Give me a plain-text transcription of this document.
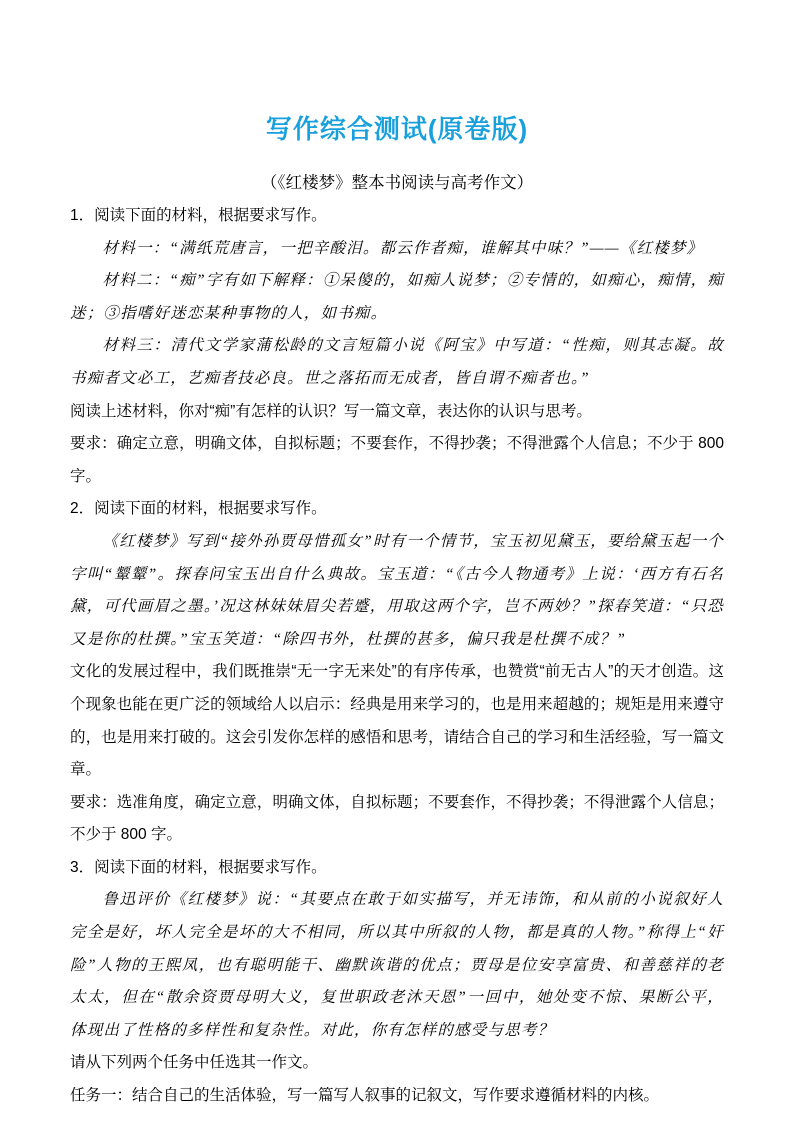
写作综合测试(原卷版)
（《红楼梦》整本书阅读与高考作文）

1．阅读下面的材料，根据要求写作。

材料一：“满纸荒唐言，一把辛酸泪。都云作者痴，谁解其中味？”——《红楼梦》

材料二：“痴”字有如下解释：①呆傻的，如痴人说梦；②专情的，如痴心，痴情，痴迷；③指嗜好迷恋某种事物的人，如书痴。

材料三：清代文学家蒲松龄的文言短篇小说《阿宝》中写道：“性痴，则其志凝。故书痴者文必工，艺痴者技必良。世之落拓而无成者，皆自谓不痴者也。”

阅读上述材料，你对“痴”有怎样的认识？写一篇文章，表达你的认识与思考。

要求：确定立意，明确文体，自拟标题；不要套作，不得抄袭；不得泄露个人信息；不少于 800 字。

2．阅读下面的材料，根据要求写作。

《红楼梦》写到“接外孙贾母惜孤女”时有一个情节，宝玉初见黛玉，要给黛玉起一个字叫“颦颦”。探春问宝玉出自什么典故。宝玉道：“《古今人物通考》上说：‘西方有石名黛，可代画眉之墨。’况这林妹妹眉尖若蹙，用取这两个字，岂不两妙？”探春笑道：“只恐又是你的杜撰。”宝玉笑道：“除四书外，杜撰的甚多，偏只我是杜撰不成？”

文化的发展过程中，我们既推崇“无一字无来处”的有序传承，也赞赏“前无古人”的天才创造。这个现象也能在更广泛的领域给人以启示：经典是用来学习的，也是用来超越的；规矩是用来遵守的，也是用来打破的。这会引发你怎样的感悟和思考，请结合自己的学习和生活经验，写一篇文章。

要求：选准角度，确定立意，明确文体，自拟标题；不要套作，不得抄袭；不得泄露个人信息；不少于 800 字。

3．阅读下面的材料，根据要求写作。

鲁迅评价《红楼梦》说：“其要点在敢于如实描写，并无讳饰，和从前的小说叙好人完全是好，坏人完全是坏的大不相同，所以其中所叙的人物，都是真的人物。”称得上“奸险”人物的王熙凤，也有聪明能干、幽默诙谐的优点；贾母是位安享富贵、和善慈祥的老太太，但在“散余资贾母明大义，复世职政老沐天恩”一回中，她处变不惊、果断公平，体现出了性格的多样性和复杂性。对此，你有怎样的感受与思考？

请从下列两个任务中任选其一作文。

任务一：结合自己的生活体验，写一篇写人叙事的记叙文，写作要求遵循材料的内核。
